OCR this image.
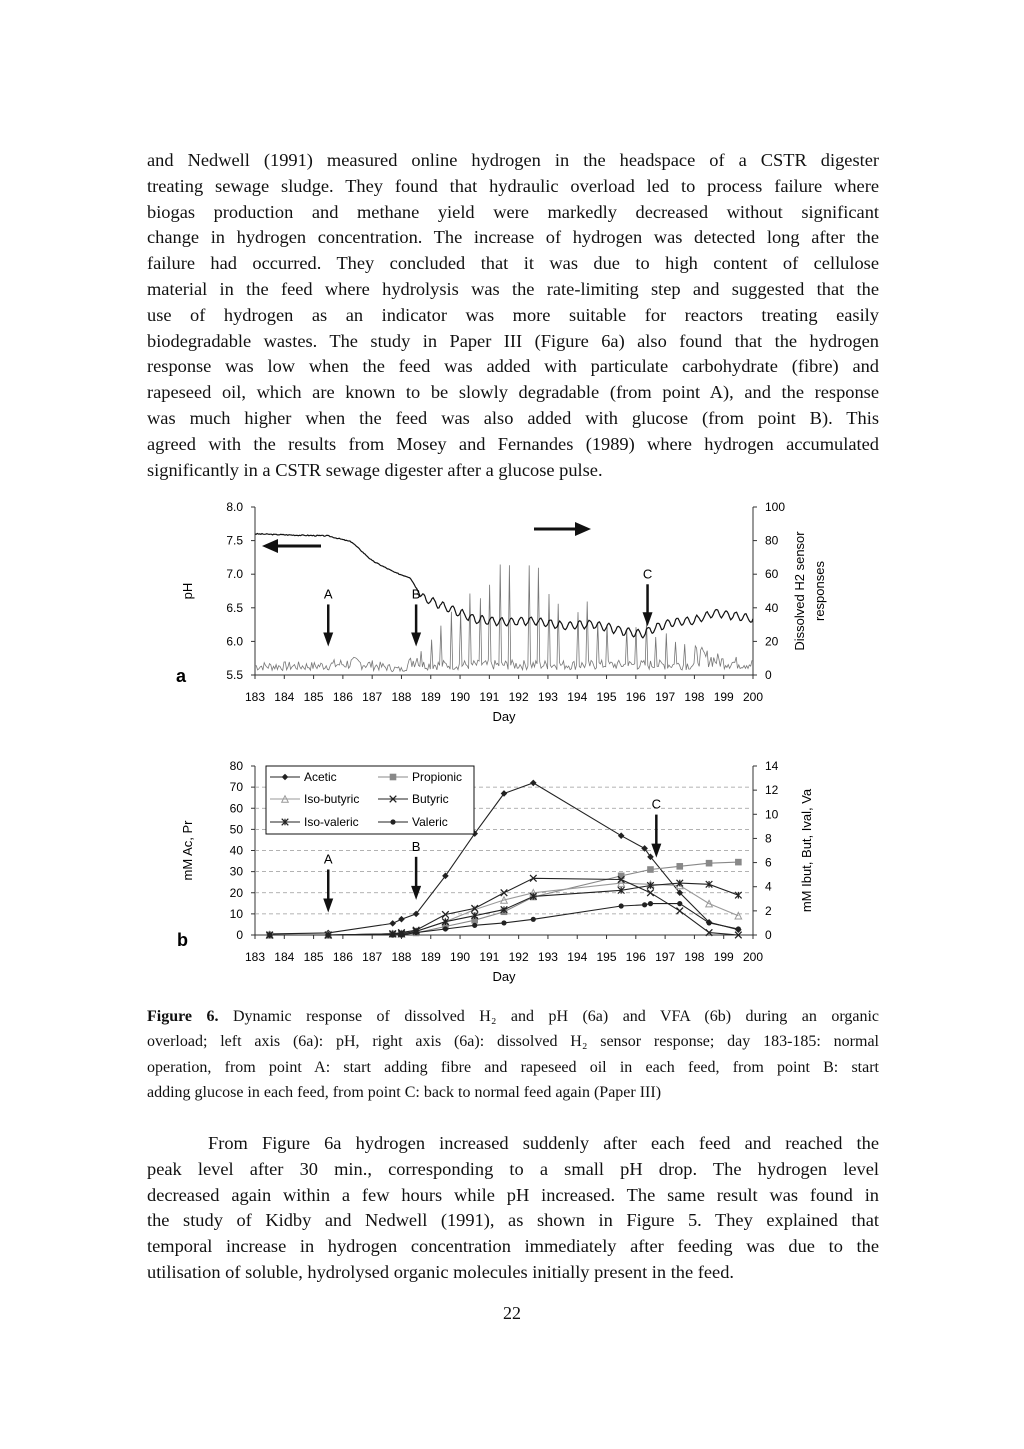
and Nedwell (1991) measured online hydrogen in the headspace of a CSTR digester
treating sewage sludge. They found that hydraulic overload led to process failure where
biogas production and methane yield were markedly decreased without significant
change in hydrogen concentration. The increase of hydrogen was detected long after the
failure had occurred. They concluded that it was due to high content of cellulose
material in the feed where hydrolysis was the rate-limiting step and suggested that the
use of hydrogen as an indicator was more suitable for reactors treating easily
biodegradable wastes. The study in Paper III (Figure 6a) also found that the hydrogen
response was low when the feed was added with particulate carbohydrate (fibre) and
rapeseed oil, which are known to be slowly degradable (from point A), and the response
was much higher when the feed was also added with glucose (from point B). This
agreed with the results from Mosey and Fernandes (1989) where hydrogen accumulated
significantly in a CSTR sewage digester after a glucose pulse.

5.5
6.0
6.5
7.0
7.5
8.0
0
20
40
60
80
100
183 184 185 186 187 188 189 190 191 192 193 194 195 196 197 198 199 200
Day
pH	Dissolved H2 sensor responses
a
A	B
C
0
10
20
30
40
50
60
70
80
0
2
4
6
8
10
12
14
183 184 185 186 187 188 189 190 191 192 193 194 195 196 197 198 199 200
Day
mM Ac, Pr	mM Ibut, But, Ival, Va
b
Acetic	Propionic
Iso-butyric	Butyric
Iso-valeric	Valeric
A
B
C
Figure 6. Dynamic response of dissolved H₂ and pH (6a) and VFA (6b) during an organic
overload; left axis (6a): pH, right axis (6a): dissolved H₂ sensor response; day 183-185: normal
operation, from point A: start adding fibre and rapeseed oil in each feed, from point B: start
adding glucose in each feed, from point C: back to normal feed again (Paper III)

From Figure 6a hydrogen increased suddenly after each feed and reached the
peak level after 30 min., corresponding to a small pH drop. The hydrogen level
decreased again within a few hours while pH increased. The same result was found in
the study of Kidby and Nedwell (1991), as shown in Figure 5. They explained that
temporal increase in hydrogen concentration immediately after feeding was due to the
utilisation of soluble, hydrolysed organic molecules initially present in the feed.

22
